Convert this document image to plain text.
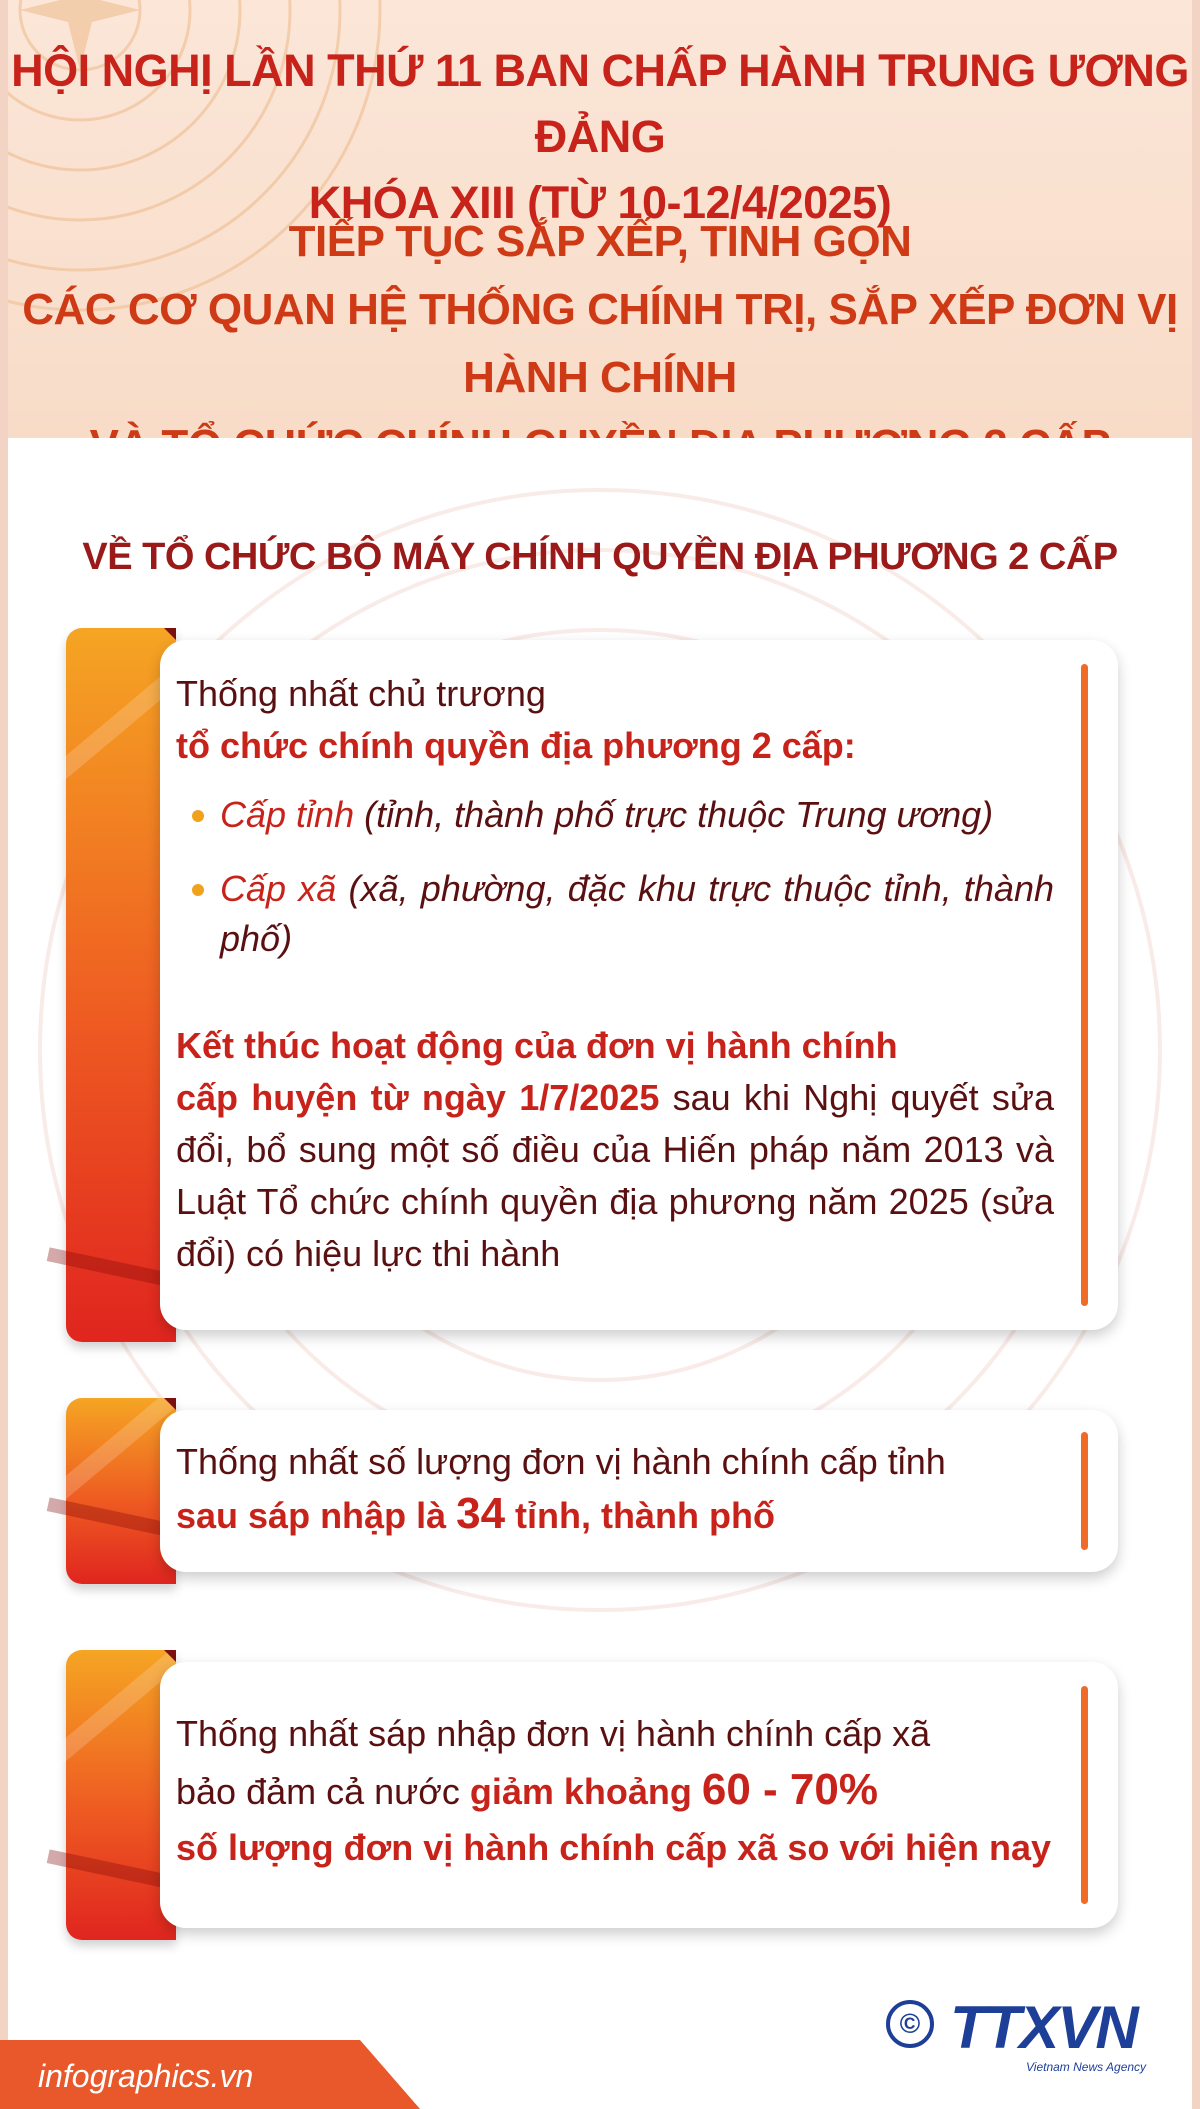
HỘI NGHỊ LẦN THỨ 11 BAN CHẤP HÀNH TRUNG ƯƠNG ĐẢNG
KHÓA XIII (TỪ 10-12/4/2025)

TIẾP TỤC SẮP XẾP, TINH GỌN
CÁC CƠ QUAN HỆ THỐNG CHÍNH TRỊ, SẮP XẾP ĐƠN VỊ HÀNH CHÍNH

VỀ TỔ CHỨC BỘ MÁY CHÍNH QUYỀN ĐỊA PHƯƠNG 2 CẤP

Thống nhất chủ trương
tổ chức chính quyền địa phương 2 cấp:

Cấp tỉnh (tỉnh, thành phố trực thuộc Trung ương)
Cấp xã (xã, phường, đặc khu trực thuộc tỉnh, thành phố)

Kết thúc hoạt động của đơn vị hành chính
cấp huyện từ ngày 1/7/2025 sau khi Nghị quyết sửa đổi, bổ sung một số điều của Hiến pháp năm 2013 và Luật Tổ chức chính quyền địa phương năm 2025 (sửa đổi) có hiệu lực thi hành

Thống nhất số lượng đơn vị hành chính cấp tỉnh
sau sáp nhập là 34 tỉnh, thành phố

Thống nhất sáp nhập đơn vị hành chính cấp xã
bảo đảm cả nước giảm khoảng 60 - 70%
số lượng đơn vị hành chính cấp xã so với hiện nay

infographics.vn

© TTXVN

Vietnam News Agency
